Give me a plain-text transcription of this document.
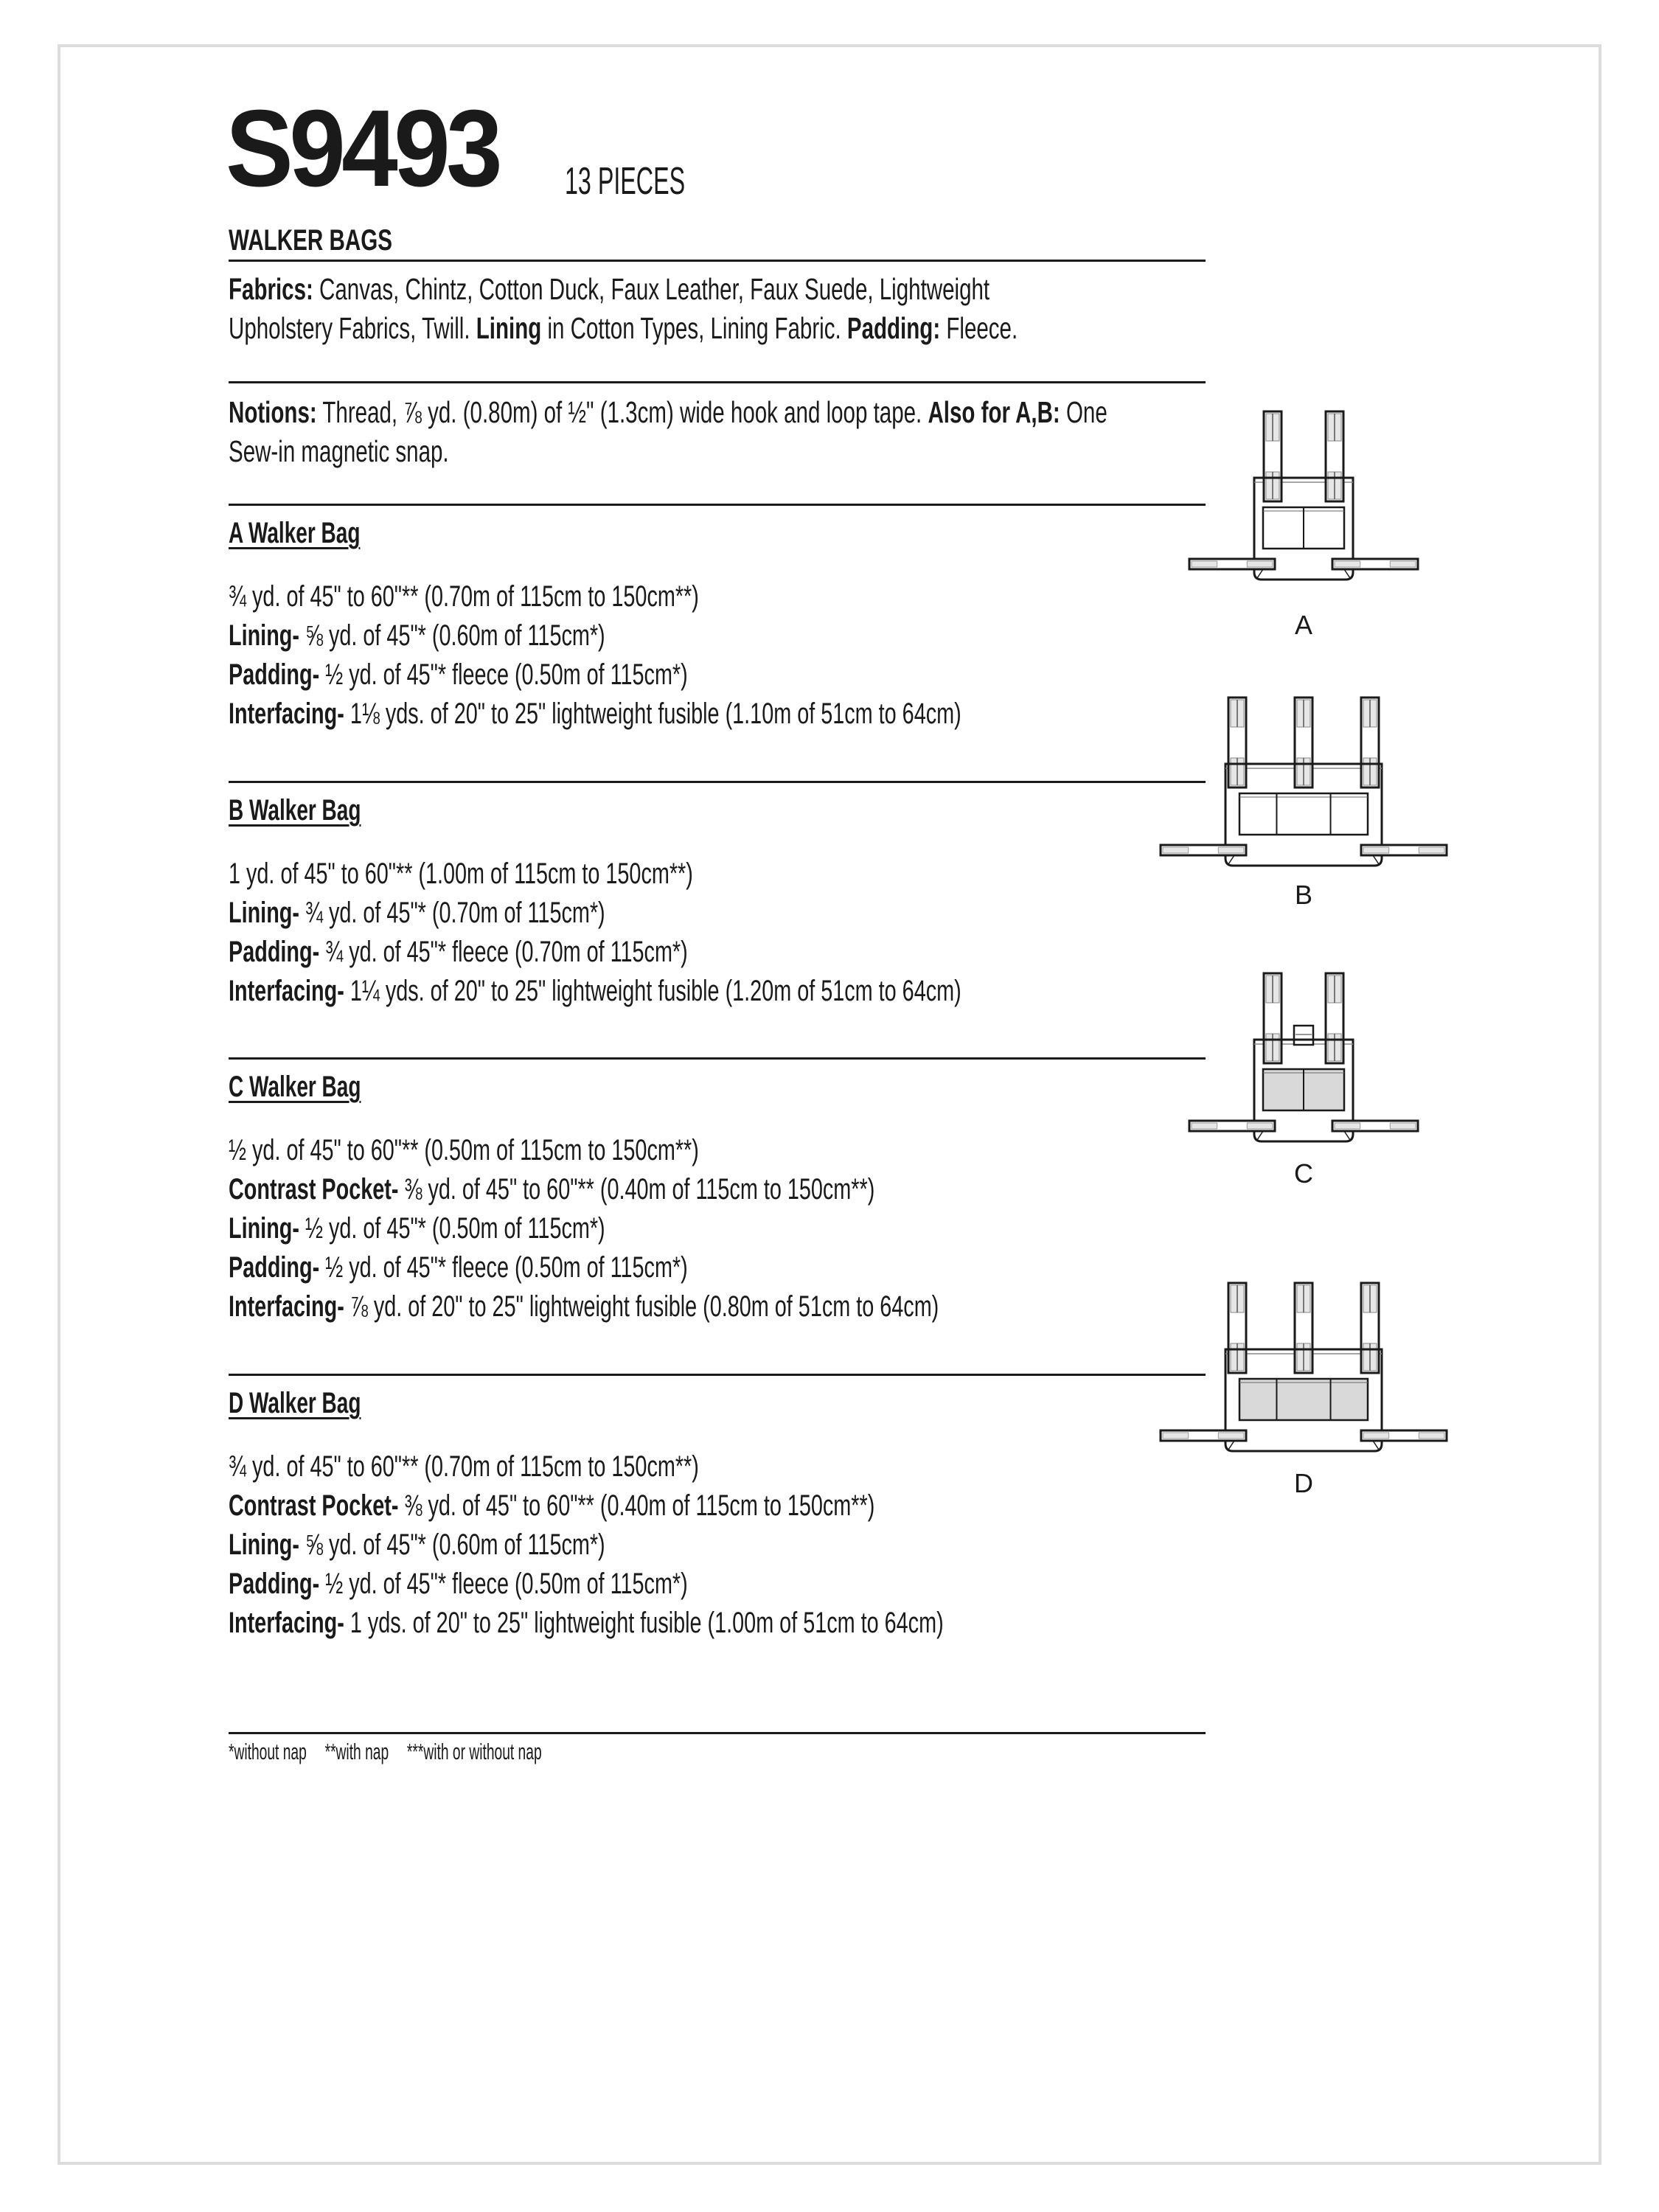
S9493 13 PIECES
WALKER BAGS
Fabrics: Canvas, Chintz, Cotton Duck, Faux Leather, Faux Suede, Lightweight
Upholstery Fabrics, Twill. Lining in Cotton Types, Lining Fabric. Padding: Fleece.
Notions: Thread, ⅞ yd. (0.80m) of ½" (1.3cm) wide hook and loop tape. Also for A,B: One
Sew-in magnetic snap.
A Walker Bag
¾ yd. of 45" to 60"** (0.70m of 115cm to 150cm**)
Lining- ⅝ yd. of 45"* (0.60m of 115cm*)
Padding- ½ yd. of 45"* fleece (0.50m of 115cm*)
Interfacing- 1⅛ yds. of 20" to 25" lightweight fusible (1.10m of 51cm to 64cm)
B Walker Bag
1 yd. of 45" to 60"** (1.00m of 115cm to 150cm**)
Lining- ¾ yd. of 45"* (0.70m of 115cm*)
Padding- ¾ yd. of 45"* fleece (0.70m of 115cm*)
Interfacing- 1¼ yds. of 20" to 25" lightweight fusible (1.20m of 51cm to 64cm)
C Walker Bag
½ yd. of 45" to 60"** (0.50m of 115cm to 150cm**)
Contrast Pocket- ⅜ yd. of 45" to 60"** (0.40m of 115cm to 150cm**)
Lining- ½ yd. of 45"* (0.50m of 115cm*)
Padding- ½ yd. of 45"* fleece (0.50m of 115cm*)
Interfacing- ⅞ yd. of 20" to 25" lightweight fusible (0.80m of 51cm to 64cm)
D Walker Bag
¾ yd. of 45" to 60"** (0.70m of 115cm to 150cm**)
Contrast Pocket- ⅜ yd. of 45" to 60"** (0.40m of 115cm to 150cm**)
Lining- ⅝ yd. of 45"* (0.60m of 115cm*)
Padding- ½ yd. of 45"* fleece (0.50m of 115cm*)
Interfacing- 1 yds. of 20" to 25" lightweight fusible (1.00m of 51cm to 64cm)
A
B
C
D
*without nap **with nap ***with or without nap
